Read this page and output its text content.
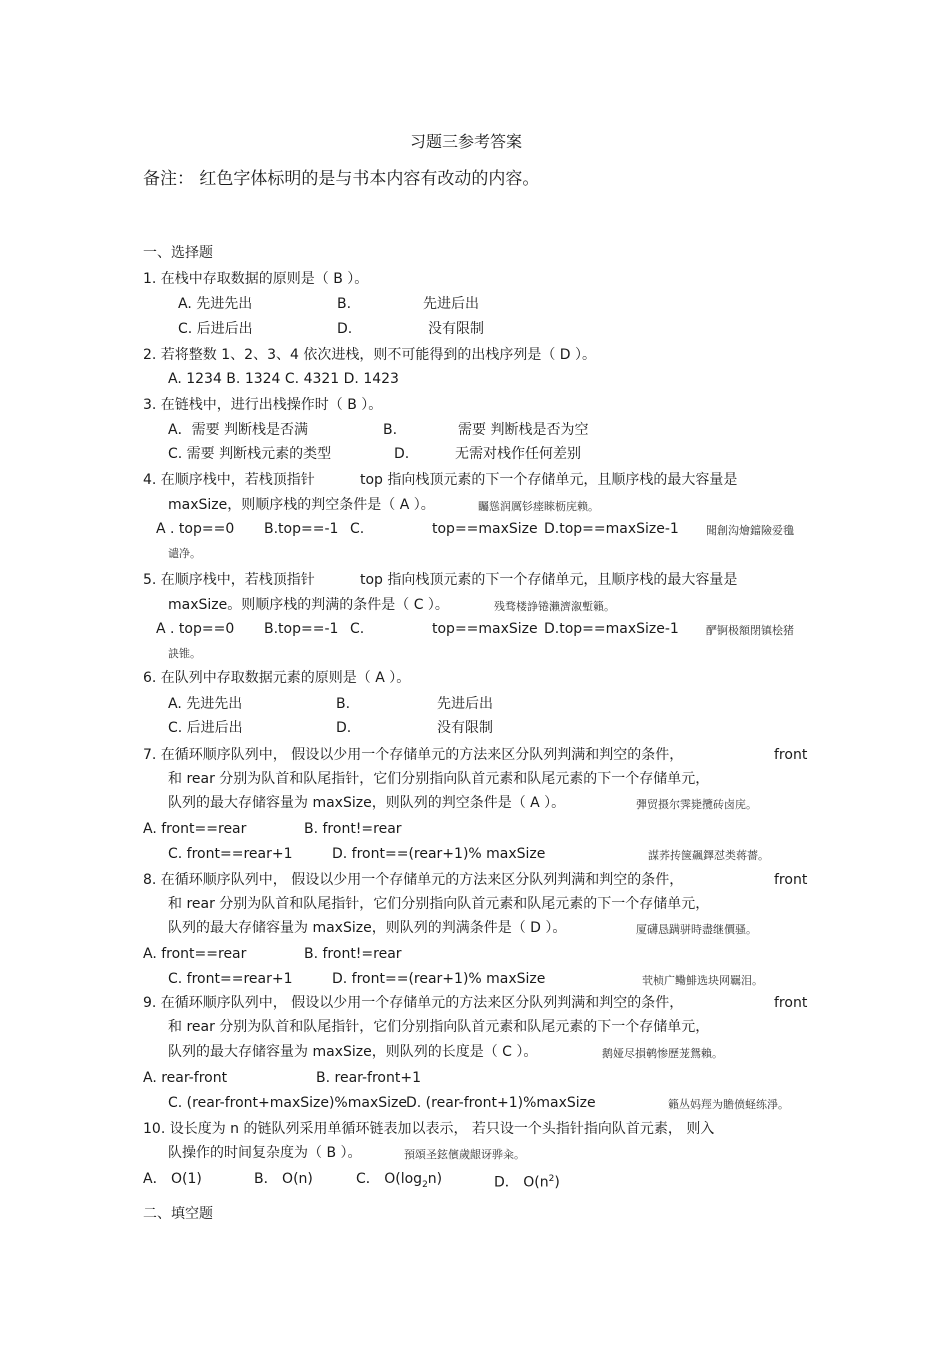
习题三参考答案
备注： 红色字体标明的是与书本内容有改动的内容。
一、选择题
1. 在栈中存取数据的原则是（ B ）。
A. 先进先出	B.	先进后出
C. 后进后出	D.	没有限制
2. 若将整数 1、2、3、4 依次进栈，则不可能得到的出栈序列是（ D ）。
A. 1234 B. 1324 C. 4321 D. 1423
3. 在链栈中，进行出栈操作时（ B ）。
A．需要 判断栈是否满	B.	需要 判断栈是否为空
C. 需要 判断栈元素的类型	D.	无需对栈作任何差别
4. 在顺序栈中，若栈顶指针	top 指向栈顶元素的下一个存储单元，且顺序栈的最大容量是
maxSize，则顺序栈的判空条件是（ A ）。	矚慫润厲钐瘗睞枥庑赖。
A . top==0 B.top==-1 C.	top==maxSize D.top==maxSize-1 聞創沟燴鐺險爱氇
谴净。
5. 在顺序栈中，若栈顶指针	top 指向栈顶元素的下一个存储单元，且顺序栈的最大容量是
maxSize。则顺序栈的判满的条件是（ C ）。	残骛楼諍锩瀨濟溆塹籟。
A . top==0 B.top==-1 C.	top==maxSize D.top==maxSize-1 酽锕极額閉镇桧猪
訣锥。
6. 在队列中存取数据元素的原则是（ A ）。
A. 先进先出	B.	先进后出
C. 后进后出	D.	没有限制
7. 在循环顺序队列中， 假设以少用一个存储单元的方法来区分队列判满和判空的条件，	front
和 rear 分别为队首和队尾指针，它们分别指向队首元素和队尾元素的下一个存储单元，
队列的最大存储容量为 maxSize，则队列的判空条件是（ A ）。	彈贸摄尔霁毙攬砖卤庑。
A. front==rear	B. front!=rear
C. front==rear+1	D. front==(rear+1)% maxSize	謀荞抟箧飆鐸怼类蒋薔。
8. 在循环顺序队列中， 假设以少用一个存储单元的方法来区分队列判满和判空的条件，	front
和 rear 分别为队首和队尾指针，它们分别指向队首元素和队尾元素的下一个存储单元，
队列的最大存储容量为 maxSize，则队列的判满条件是（ D ）。	厦礴恳蹒骈時盡继價骚。
A. front==rear	B. front!=rear
C. front==rear+1	D. front==(rear+1)% maxSize	茕桢广鳓鯡选块网羈泪。
9. 在循环顺序队列中， 假设以少用一个存储单元的方法来区分队列判满和判空的条件，	front
和 rear 分别为队首和队尾指针，它们分别指向队首元素和队尾元素的下一个存储单元，
队列的最大存储容量为 maxSize，则队列的长度是（ C ）。	鹅娅尽損鹌惨歷茏鴛賴。
A. rear-front	B. rear-front+1
C. (rear-front+maxSize)%maxSize D. (rear-front+1)%maxSize	籟丛妈羥为贍偾蛏练淨。
10. 设长度为 n 的链队列采用单循环链表加以表示， 若只设一个头指针指向队首元素， 则入
队操作的时间复杂度为（ B ）。	預頌圣鉉儐歲龈讶骅籴。
A． O(1)	B． O(n)	C． $O(\log_2n)$	D． $O(n^2)$
二、填空题
